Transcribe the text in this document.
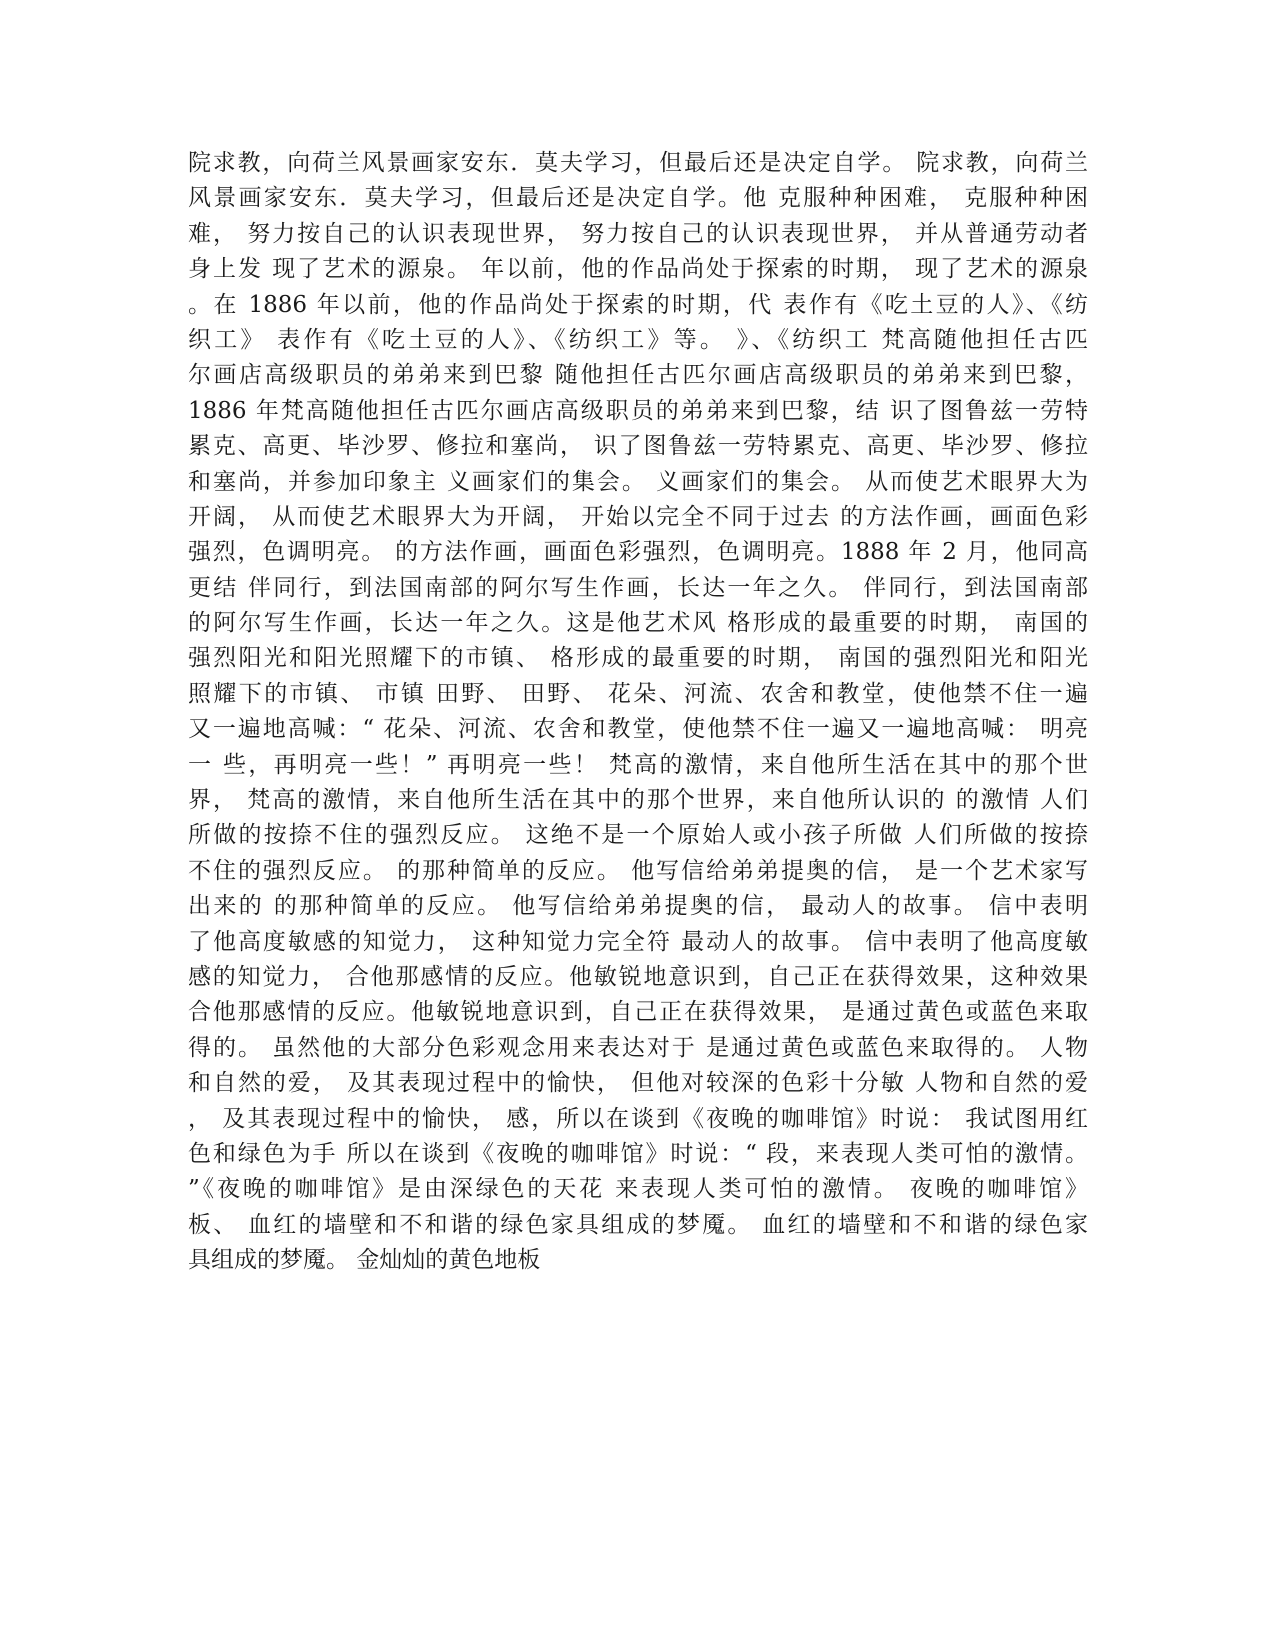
院求教，向荷兰风景画家安东．莫夫学习，但最后还是决定自学。 院求教，向荷兰
风景画家安东．莫夫学习，但最后还是决定自学。他 克服种种困难， 克服种种困
难， 努力按自己的认识表现世界， 努力按自己的认识表现世界， 并从普通劳动者
身上发 现了艺术的源泉。 年以前，他的作品尚处于探索的时期， 现了艺术的源泉
。在 1886 年以前，他的作品尚处于探索的时期，代 表作有《吃土豆的人》、《纺
织工》 表作有《吃土豆的人》、《纺织工》等。 》、《纺织工 梵高随他担任古匹
尔画店高级职员的弟弟来到巴黎 随他担任古匹尔画店高级职员的弟弟来到巴黎，
1886 年梵高随他担任古匹尔画店高级职员的弟弟来到巴黎，结 识了图鲁兹一劳特
累克、高更、毕沙罗、修拉和塞尚， 识了图鲁兹一劳特累克、高更、毕沙罗、修拉
和塞尚，并参加印象主 义画家们的集会。 义画家们的集会。 从而使艺术眼界大为
开阔， 从而使艺术眼界大为开阔， 开始以完全不同于过去 的方法作画，画面色彩
强烈，色调明亮。 的方法作画，画面色彩强烈，色调明亮。1888 年 2 月，他同高
更结 伴同行，到法国南部的阿尔写生作画，长达一年之久。 伴同行，到法国南部
的阿尔写生作画，长达一年之久。这是他艺术风 格形成的最重要的时期， 南国的
强烈阳光和阳光照耀下的市镇、 格形成的最重要的时期， 南国的强烈阳光和阳光
照耀下的市镇、 市镇 田野、 田野、 花朵、河流、农舍和教堂，使他禁不住一遍
又一遍地高喊：“ 花朵、河流、农舍和教堂，使他禁不住一遍又一遍地高喊： 明亮
一 些，再明亮一些！” 再明亮一些！ 梵高的激情，来自他所生活在其中的那个世
界， 梵高的激情，来自他所生活在其中的那个世界，来自他所认识的 的激情 人们
所做的按捺不住的强烈反应。 这绝不是一个原始人或小孩子所做 人们所做的按捺
不住的强烈反应。 的那种简单的反应。 他写信给弟弟提奥的信， 是一个艺术家写
出来的 的那种简单的反应。 他写信给弟弟提奥的信， 最动人的故事。 信中表明
了他高度敏感的知觉力， 这种知觉力完全符 最动人的故事。 信中表明了他高度敏
感的知觉力， 合他那感情的反应。他敏锐地意识到，自己正在获得效果，这种效果
合他那感情的反应。他敏锐地意识到，自己正在获得效果， 是通过黄色或蓝色来取
得的。 虽然他的大部分色彩观念用来表达对于 是通过黄色或蓝色来取得的。 人物
和自然的爱， 及其表现过程中的愉快， 但他对较深的色彩十分敏 人物和自然的爱
， 及其表现过程中的愉快， 感，所以在谈到《夜晚的咖啡馆》时说： 我试图用红
色和绿色为手 所以在谈到《夜晚的咖啡馆》时说：“ 段，来表现人类可怕的激情。
”《夜晚的咖啡馆》是由深绿色的天花 来表现人类可怕的激情。 夜晚的咖啡馆》
板、 血红的墙壁和不和谐的绿色家具组成的梦魇。 血红的墙壁和不和谐的绿色家
具组成的梦魇。 金灿灿的黄色地板
